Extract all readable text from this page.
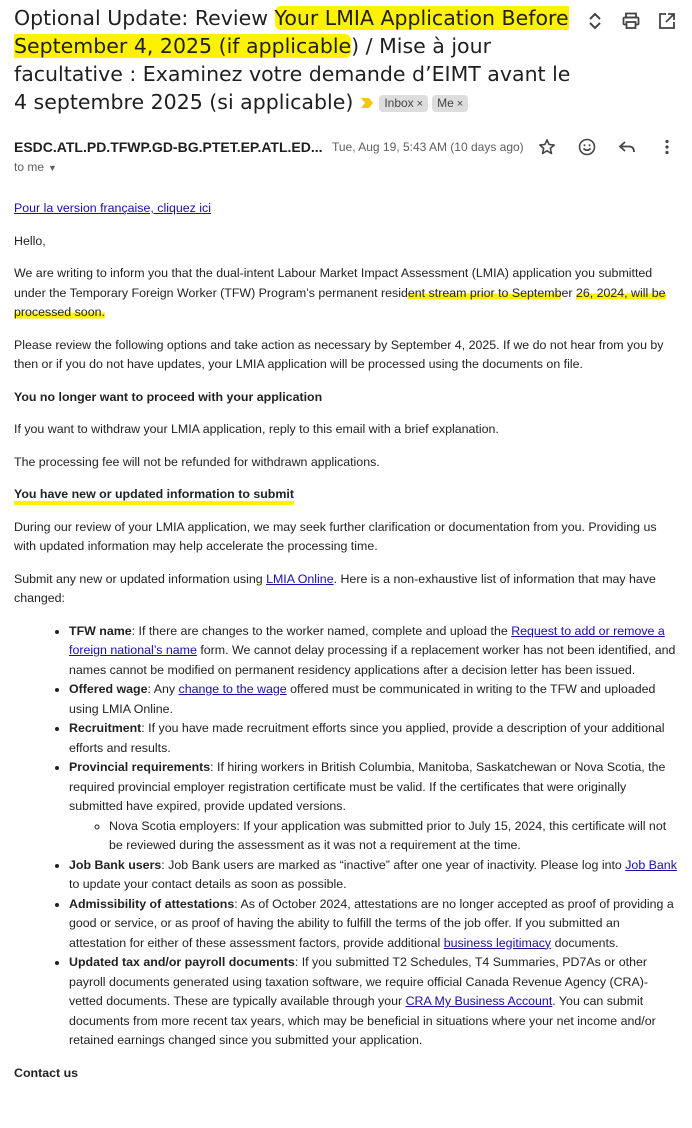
Optional Update: Review Your LMIA Application Before September 4, 2025 (if applicable) / Mise à jour facultative : Examinez votre demande d’EIMT avant le 4 septembre 2025 (si applicable)	Inbox × Me ×
ESDC.ATL.PD.TFWP.GD-BG.PTET.EP.ATL.ED... Tue, Aug 19, 5:43 AM (10 days ago)
to me ▼

Pour la version française, cliquez ici

Hello,

We are writing to inform you that the dual-intent Labour Market Impact Assessment (LMIA) application you submitted under the Temporary Foreign Worker (TFW) Program’s permanent resident stream prior to September 26, 2024, will be processed soon.

Please review the following options and take action as necessary by September 4, 2025. If we do not hear from you by then or if you do not have updates, your LMIA application will be processed using the documents on file.

You no longer want to proceed with your application

If you want to withdraw your LMIA application, reply to this email with a brief explanation.

The processing fee will not be refunded for withdrawn applications.

You have new or updated information to submit

During our review of your LMIA application, we may seek further clarification or documentation from you. Providing us with updated information may help accelerate the processing time.

Submit any new or updated information using LMIA Online. Here is a non-exhaustive list of information that may have changed:

• TFW name: If there are changes to the worker named, complete and upload the Request to add or remove a foreign national’s name form. We cannot delay processing if a replacement worker has not been identified, and names cannot be modified on permanent residency applications after a decision letter has been issued.
• Offered wage: Any change to the wage offered must be communicated in writing to the TFW and uploaded using LMIA Online.
• Recruitment: If you have made recruitment efforts since you applied, provide a description of your additional efforts and results.
• Provincial requirements: If hiring workers in British Columbia, Manitoba, Saskatchewan or Nova Scotia, the required provincial employer registration certificate must be valid. If the certificates that were originally submitted have expired, provide updated versions.
◦ Nova Scotia employers: If your application was submitted prior to July 15, 2024, this certificate will not be reviewed during the assessment as it was not a requirement at the time.
• Job Bank users: Job Bank users are marked as “inactive” after one year of inactivity. Please log into Job Bank to update your contact details as soon as possible.
• Admissibility of attestations: As of October 2024, attestations are no longer accepted as proof of providing a good or service, or as proof of having the ability to fulfill the terms of the job offer. If you submitted an attestation for either of these assessment factors, provide additional business legitimacy documents.
• Updated tax and/or payroll documents: If you submitted T2 Schedules, T4 Summaries, PD7As or other payroll documents generated using taxation software, we require official Canada Revenue Agency (CRA)-vetted documents. These are typically available through your CRA My Business Account. You can submit documents from more recent tax years, which may be beneficial in situations where your net income and/or retained earnings changed since you submitted your application.

Contact us
